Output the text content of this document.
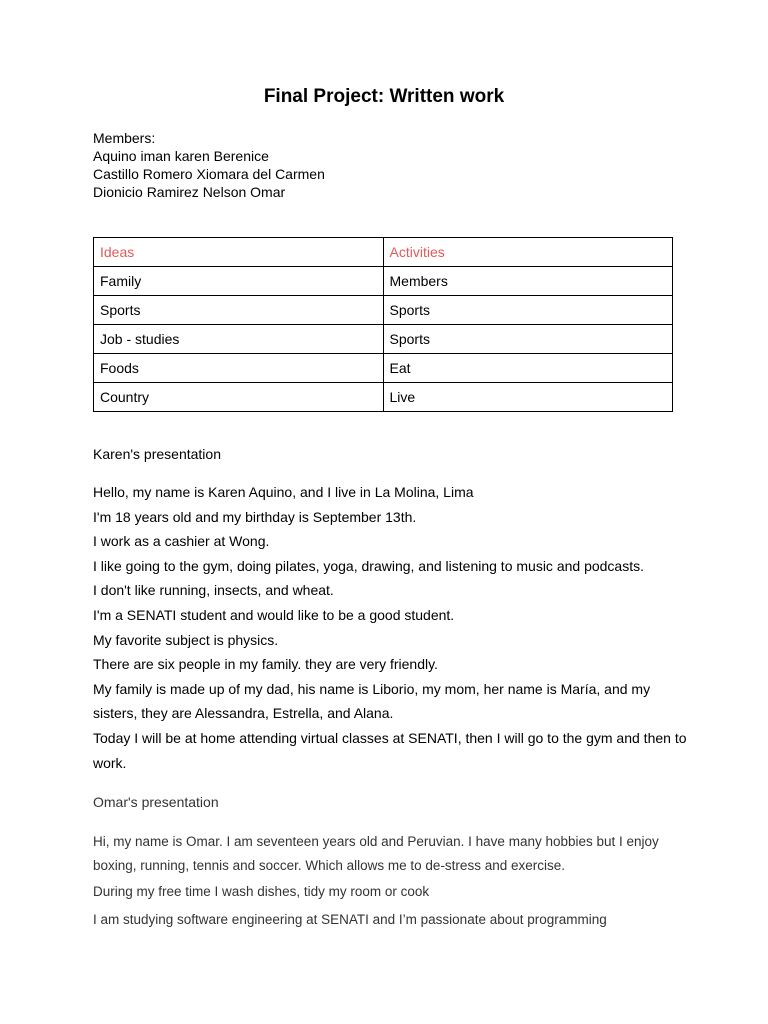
Final Project: Written work
Members:
Aquino iman karen Berenice
Castillo Romero Xiomara del Carmen
Dionicio Ramirez Nelson Omar
Ideas	Activities
Family	Members
Sports	Sports
Job - studies	Sports
Foods	Eat
Country	Live
Karen's presentation

Hello, my name is Karen Aquino, and I live in La Molina, Lima

I'm 18 years old and my birthday is September 13th.

I work as a cashier at Wong.

I like going to the gym, doing pilates, yoga, drawing, and listening to music and podcasts.

I don't like running, insects, and wheat.

I'm a SENATI student and would like to be a good student.

My favorite subject is physics.

There are six people in my family. they are very friendly.

My family is made up of my dad, his name is Liborio, my mom, her name is María, and my sisters, they are Alessandra, Estrella, and Alana.

Today I will be at home attending virtual classes at SENATI, then I will go to the gym and then to work.

Omar's presentation
Hi, my name is Omar. I am seventeen years old and Peruvian. I have many hobbies but I enjoy boxing, running, tennis and soccer. Which allows me to de-stress and exercise.
During my free time I wash dishes, tidy my room or cook
I am studying software engineering at SENATI and I’m passionate about programming
